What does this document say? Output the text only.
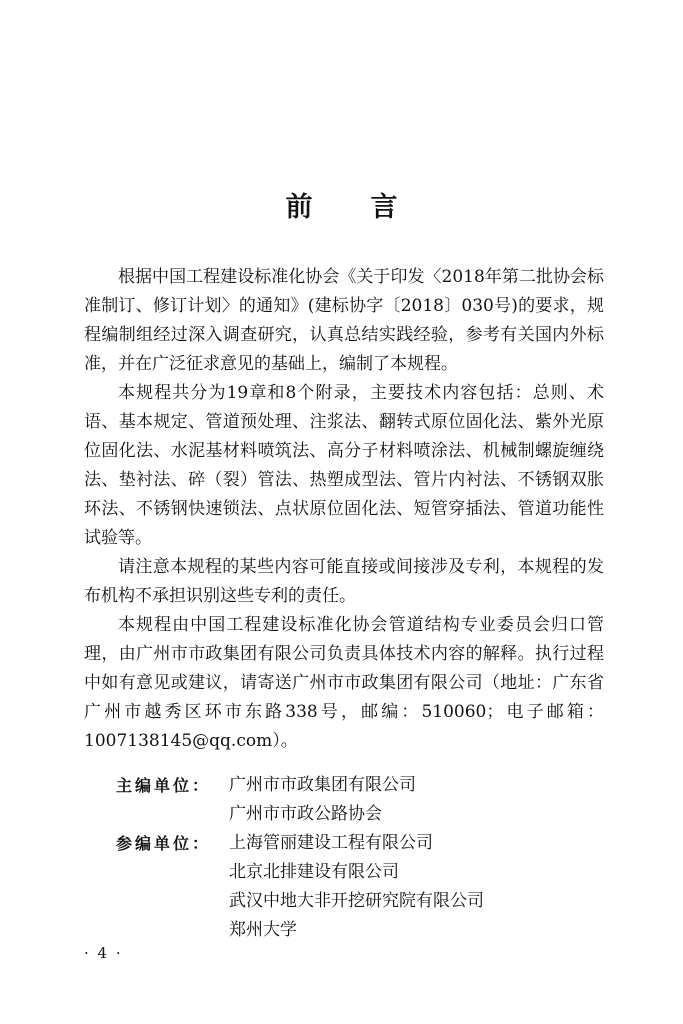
前言

根据中国工程建设标准化协会《关于印发〈2018年第二批协会标准制订、修订计划〉的通知》(建标协字〔2018〕030号)的要求，规程编制组经过深入调查研究，认真总结实践经验，参考有关国内外标准，并在广泛征求意见的基础上，编制了本规程。

本规程共分为19章和8个附录，主要技术内容包括：总则、术语、基本规定、管道预处理、注浆法、翻转式原位固化法、紫外光原位固化法、水泥基材料喷筑法、高分子材料喷涂法、机械制螺旋缠绕法、垫衬法、碎（裂）管法、热塑成型法、管片内衬法、不锈钢双胀环法、不锈钢快速锁法、点状原位固化法、短管穿插法、管道功能性试验等。

请注意本规程的某些内容可能直接或间接涉及专利，本规程的发布机构不承担识别这些专利的责任。

本规程由中国工程建设标准化协会管道结构专业委员会归口管理，由广州市市政集团有限公司负责具体技术内容的解释。执行过程中如有意见或建议，请寄送广州市市政集团有限公司（地址：广东省广州市越秀区环市东路338号，邮编：510060；电子邮箱：1007138145@qq.com）。

主编单位：	广州市市政集团有限公司
广州市市政公路协会
参编单位：	上海管丽建设工程有限公司
北京北排建设有限公司
武汉中地大非开挖研究院有限公司
郑州大学
· 4 ·
